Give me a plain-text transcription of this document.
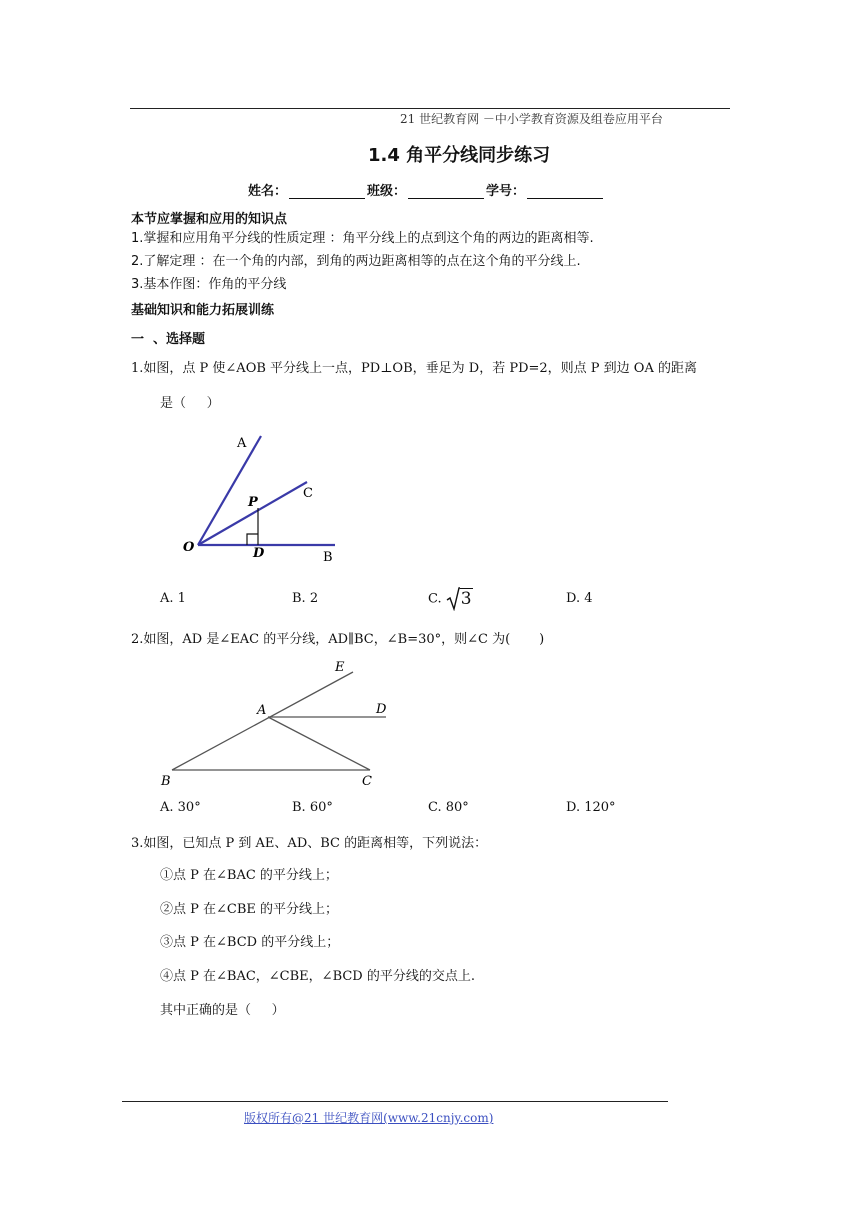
21 世纪教育网 －中小学教育资源及组卷应用平台
1.4 角平分线同步练习
姓名：	班级：	学号：
本节应掌握和应用的知识点
1.掌握和应用角平分线的性质定理 ：角平分线上的点到这个角的两边的距离相等.
2.了解定理 ：在一个角的内部，到角的两边距离相等的点在这个角的平分线上.
3.基本作图：作角的平分线
基础知识和能力拓展训练
一  、选择题
1.如图，点 P 使∠AOB 平分线上一点，PD⊥OB，垂足为 D，若 PD=2，则点 P 到边 OA 的距离
是（     ）
A
C
P
O	D	B
A. 1	B. 2	C. 3	D. 4
2.如图，AD 是∠EAC 的平分线，AD∥BC，∠B=30°，则∠C 为(       )
E
A	D
B	C
A. 30°	B. 60°	C. 80°	D. 120°
3.如图，已知点 P 到 AE、AD、BC 的距离相等，下列说法：
①点 P 在∠BAC 的平分线上；
②点 P 在∠CBE 的平分线上；
③点 P 在∠BCD 的平分线上；
④点 P 在∠BAC，∠CBE，∠BCD 的平分线的交点上.
其中正确的是（     ）
版权所有@21 世纪教育网(www.21cnjy.com)
